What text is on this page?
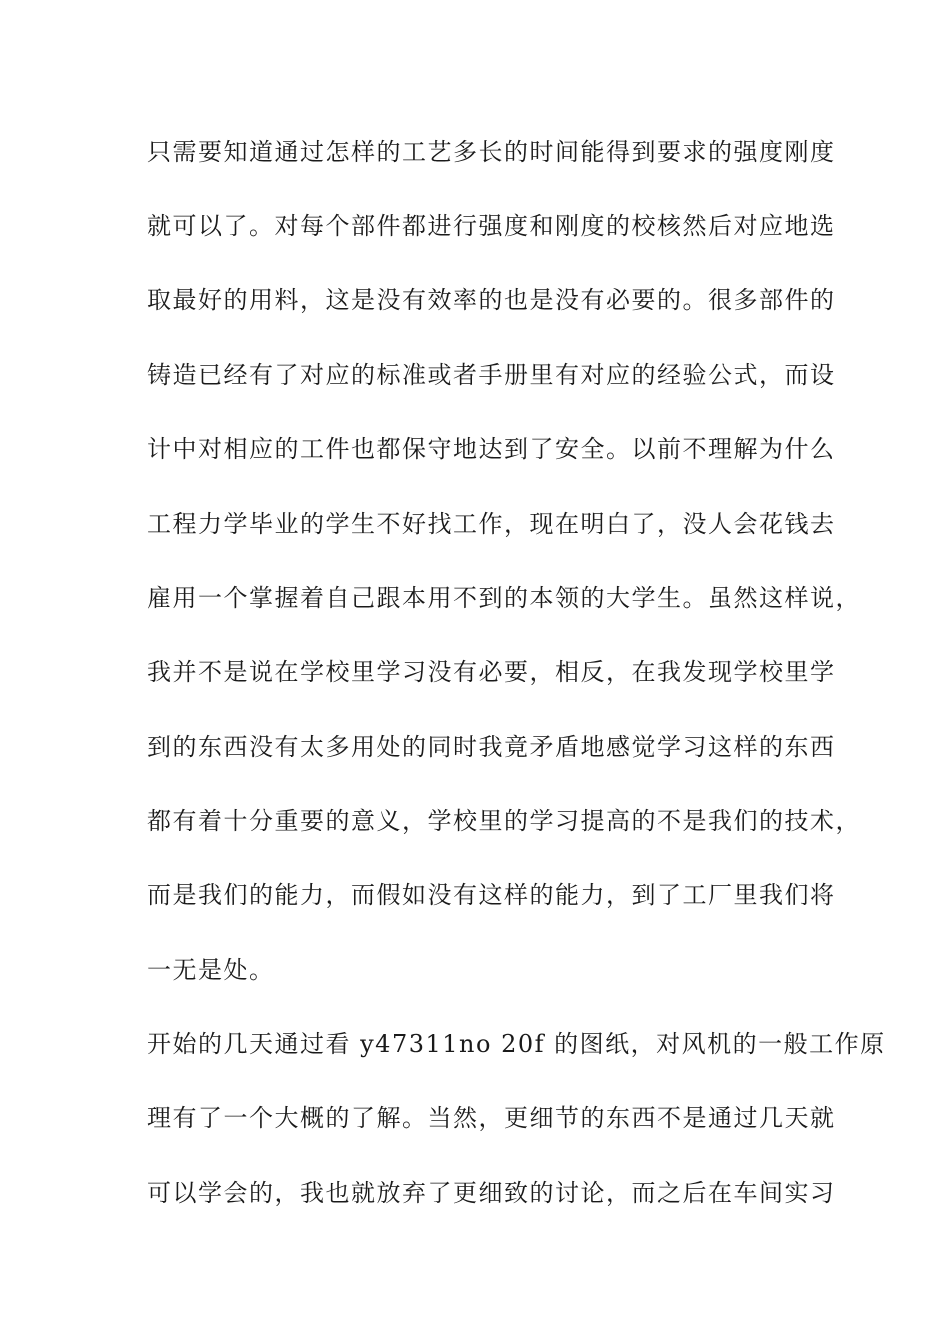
只需要知道通过怎样的工艺多长的时间能得到要求的强度刚度
就可以了。对每个部件都进行强度和刚度的校核然后对应地选
取最好的用料，这是没有效率的也是没有必要的。很多部件的
铸造已经有了对应的标准或者手册里有对应的经验公式，而设
计中对相应的工件也都保守地达到了安全。以前不理解为什么
工程力学毕业的学生不好找工作，现在明白了，没人会花钱去
雇用一个掌握着自己跟本用不到的本领的大学生。虽然这样说，
我并不是说在学校里学习没有必要，相反，在我发现学校里学
到的东西没有太多用处的同时我竟矛盾地感觉学习这样的东西
都有着十分重要的意义，学校里的学习提高的不是我们的技术，
而是我们的能力，而假如没有这样的能力，到了工厂里我们将
一无是处。
开始的几天通过看 y47311no 20f 的图纸，对风机的一般工作原
理有了一个大概的了解。当然，更细节的东西不是通过几天就
可以学会的，我也就放弃了更细致的讨论，而之后在车间实习
